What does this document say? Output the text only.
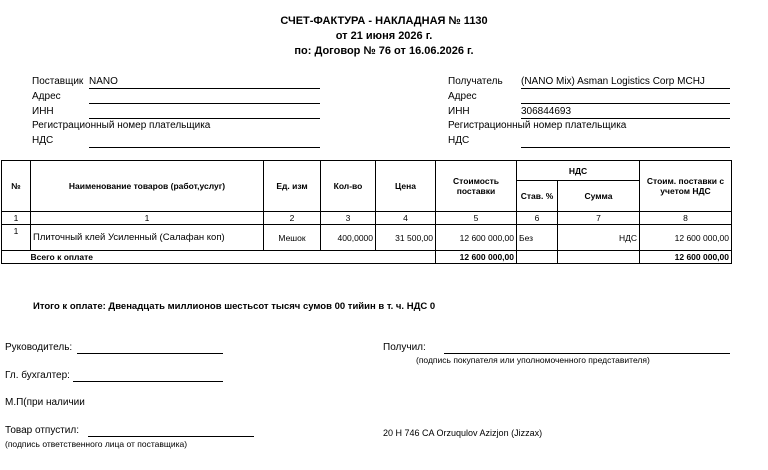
СЧЕТ-ФАКТУРА - НАКЛАДНАЯ № 1130
от 21 июня 2026 г.
по: Договор № 76 от 16.06.2026 г.
Поставщик NANO
Адрес
ИНН
Регистрационный номер плательщика
НДС
Получатель (NANO Mix) Asman Logistics Corp MCHJ
Адрес
ИНН	306844693
Регистрационный номер плательщика
НДС
№	Наименование товаров (работ,услуг)	Ед. изм	Кол-во	Цена	Стоимость поставки	НДС		Стоим. поставки с учетом НДС
						Став. %	Сумма	
1	1	2	3	4	5	6	7	8
1	Плиточный клей Усиленный (Салафан коп)	Мешок	400,0000	31 500,00	12 600 000,00	Без	НДС	12 600 000,00
	Всего к оплате				12 600 000,00			12 600 000,00
Итого к оплате: Двенадцать миллионов шестьсот тысяч сумов 00 тийин в т. ч. НДС 0
Руководитель:
Гл. бухгалтер:
М.П(при наличии
Товар отпустил:
(подпись ответственного лица от поставщика)
Получил:
(подпись покупателя или уполномоченного представителя)
20 H 746 CA Orzuqulov Azizjon (Jizzax)
